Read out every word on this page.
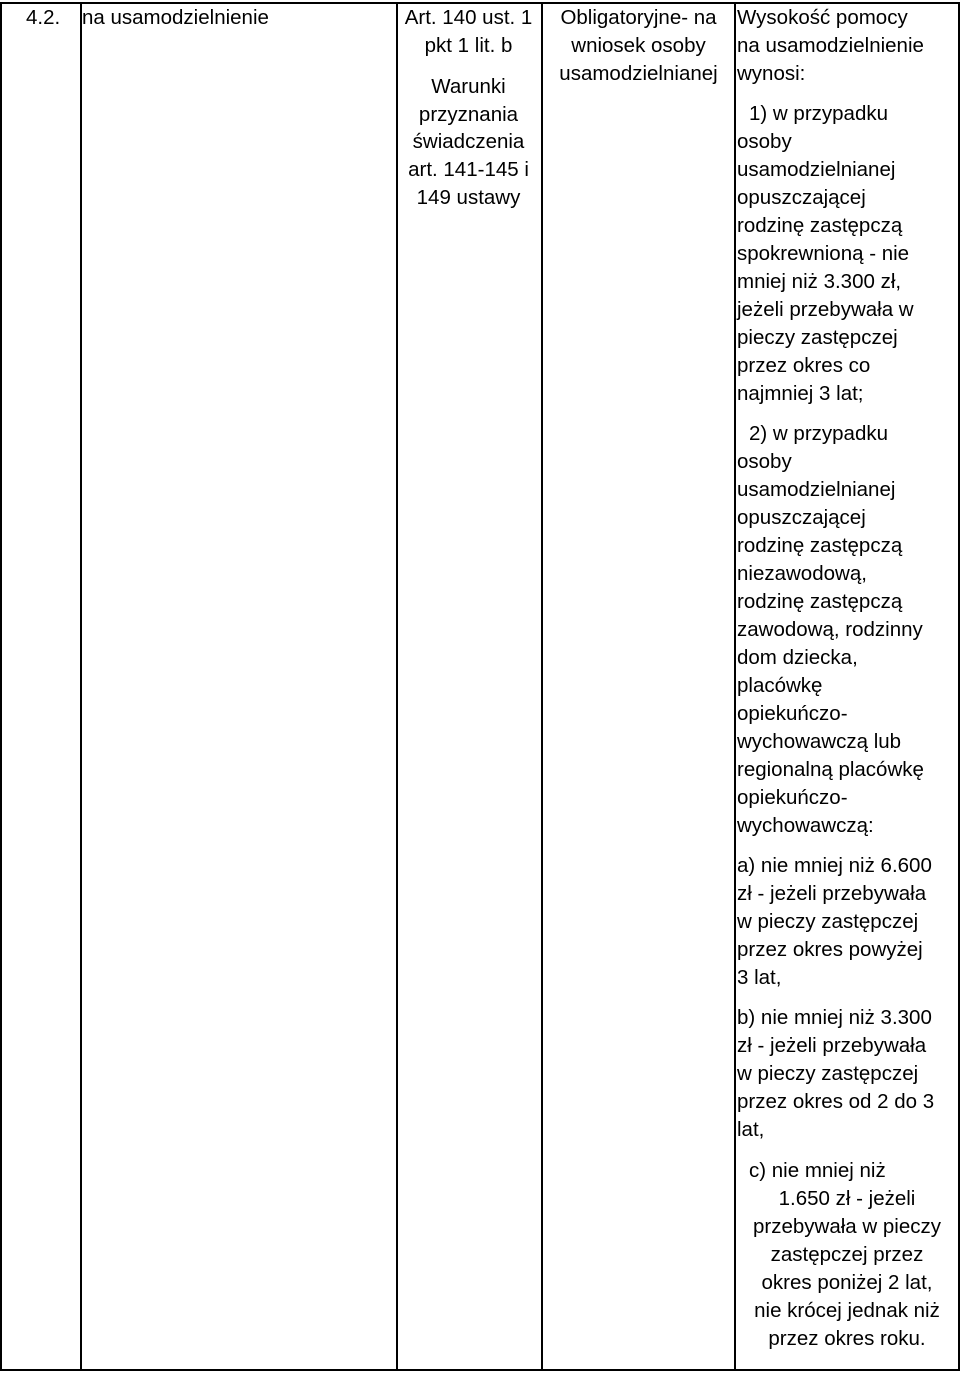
4.2. na usamodzielnienie	Art. 140 ust. 1
pkt 1 lit. b
Warunki
przyznania
świadczenia
art. 141-145 i
149 ustawy
Obligatoryjne- na
wniosek osoby
usamodzielnianej
Wysokość pomocy
na usamodzielnienie
wynosi:
1) w przypadku
osoby
usamodzielnianej
opuszczającej
rodzinę zastępczą
spokrewnioną - nie
mniej niż 3.300 zł,
jeżeli przebywała w
pieczy zastępczej
przez okres co
najmniej 3 lat;
2) w przypadku
osoby
usamodzielnianej
opuszczającej
rodzinę zastępczą
niezawodową,
rodzinę zastępczą
zawodową, rodzinny
dom dziecka,
placówkę
opiekuńczo-
wychowawczą lub
regionalną placówkę
opiekuńczo-
wychowawczą:
a) nie mniej niż 6.600
zł - jeżeli przebywała
w pieczy zastępczej
przez okres powyżej
3 lat,
b) nie mniej niż 3.300
zł - jeżeli przebywała
w pieczy zastępczej
przez okres od 2 do 3
lat,
c) nie mniej niż
1.650 zł - jeżeli
przebywała w pieczy
zastępczej przez
okres poniżej 2 lat,
nie krócej jednak niż
przez okres roku.
